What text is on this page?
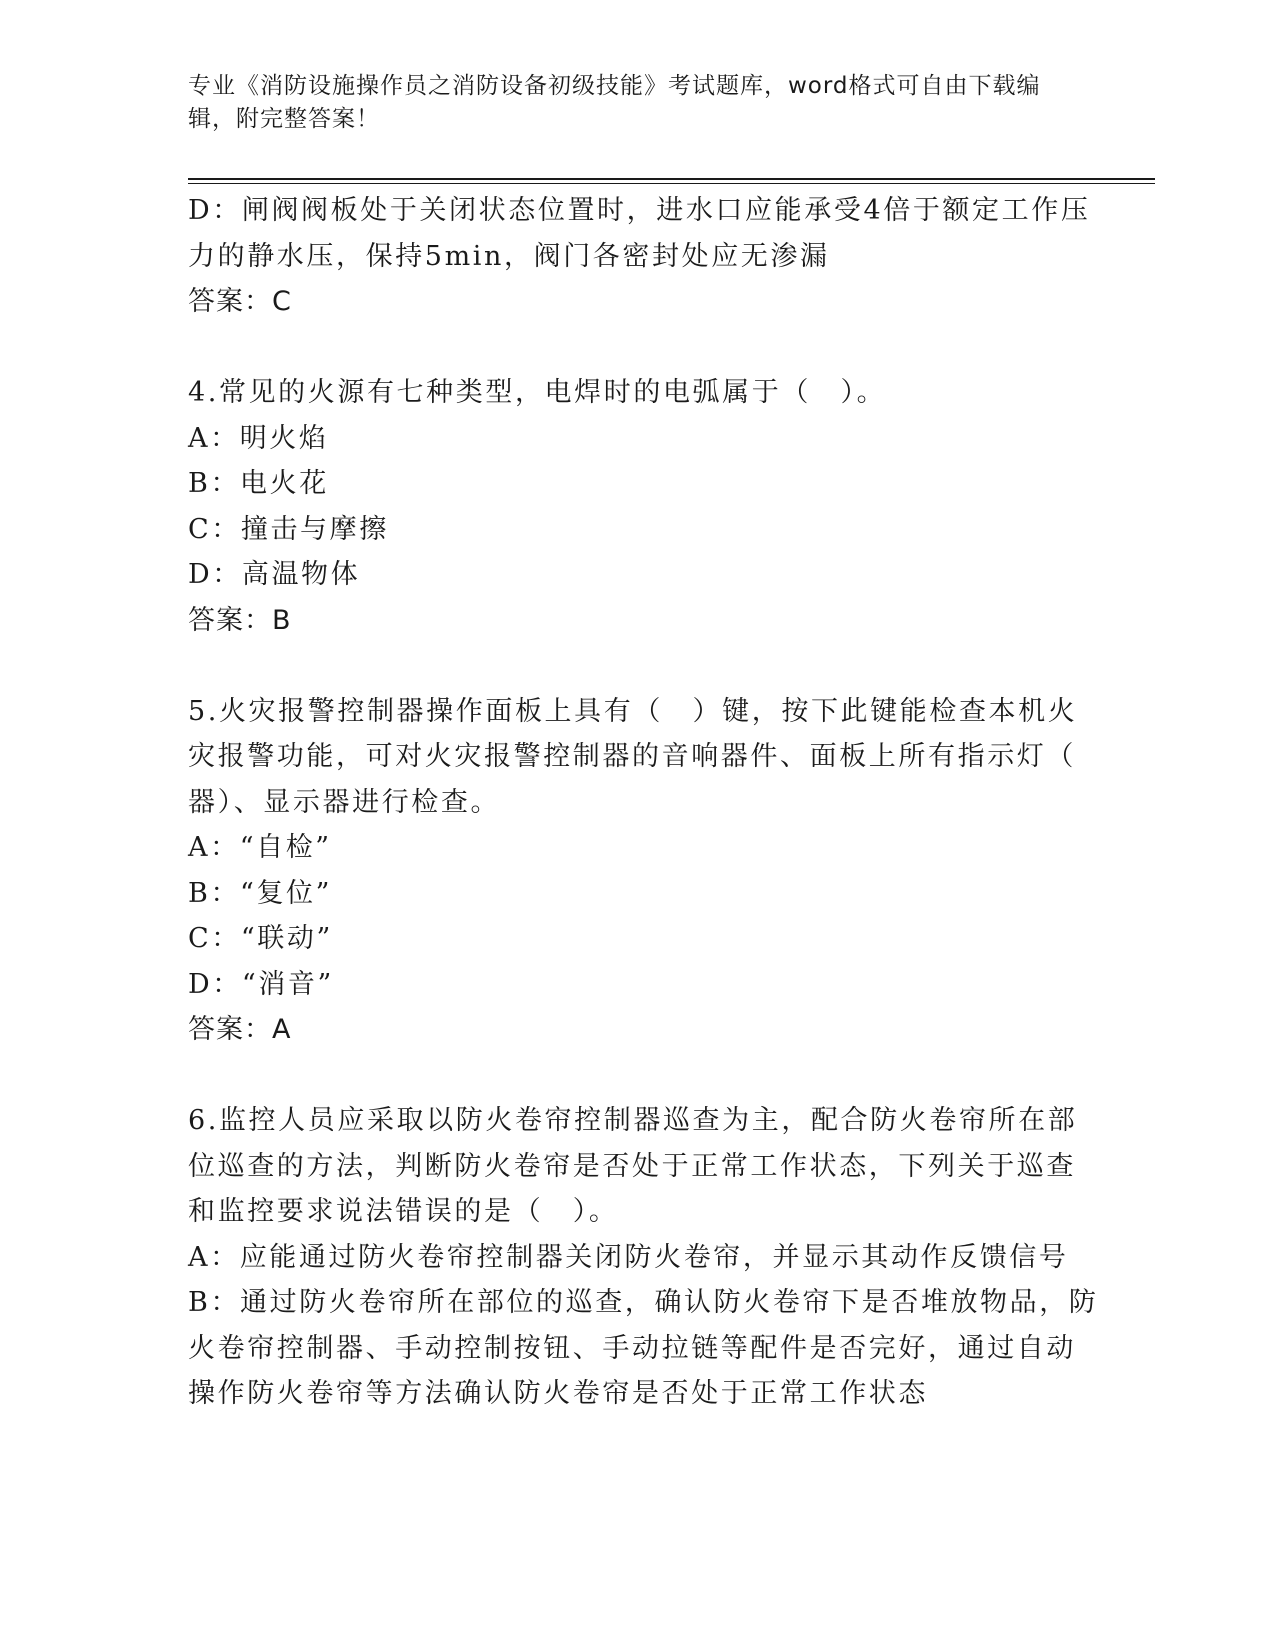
专业《消防设施操作员之消防设备初级技能》考试题库，word格式可自由下载编
辑，附完整答案！
D：闸阀阀板处于关闭状态位置时，进水口应能承受4倍于额定工作压
力的静水压，保持5min，阀门各密封处应无渗漏
答案：C
4.常见的火源有七种类型，电焊时的电弧属于（　）。
A：明火焰
B：电火花
C：撞击与摩擦
D：高温物体
答案：B
5.火灾报警控制器操作面板上具有（　）键，按下此键能检查本机火
灾报警功能，可对火灾报警控制器的音响器件、面板上所有指示灯（
器）、显示器进行检查。
A：“自检”
B：“复位”
C：“联动”
D：“消音”
答案：A
6.监控人员应采取以防火卷帘控制器巡查为主，配合防火卷帘所在部
位巡查的方法，判断防火卷帘是否处于正常工作状态，下列关于巡查
和监控要求说法错误的是（　）。
A：应能通过防火卷帘控制器关闭防火卷帘，并显示其动作反馈信号
B：通过防火卷帘所在部位的巡查，确认防火卷帘下是否堆放物品，防
火卷帘控制器、手动控制按钮、手动拉链等配件是否完好，通过自动
操作防火卷帘等方法确认防火卷帘是否处于正常工作状态
